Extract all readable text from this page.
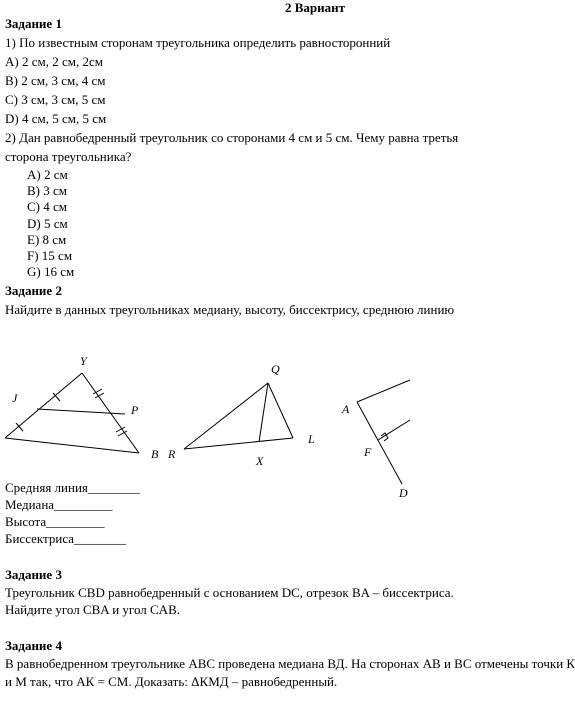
2 Вариант
Задание 1
1) По известным сторонам треугольника определить равносторонний
А) 2 см, 2 см, 2см
В) 2 см, 3 см, 4 см
С) 3 см, 3 см, 5 см
D) 4 см, 5 см, 5 см
2) Дан равнобедренный треугольник со сторонами 4 см и 5 см. Чему равна третья
сторона треугольника?
A) 2 см
B) 3 см
C) 4 см
D) 5 см
E) 8 см
F) 15 см
G) 16 см
Задание 2
Найдите в данных треугольниках медиану, высоту, биссектрису, среднюю линию
Y
J
P
B
Q
R
L
X
A
F
D
Средняя линия________
Медиана_________
Высота_________
Биссектриса________
Задание 3
Треугольник CBD равнобедренный с основанием DC, отрезок BA – биссектриса.
Найдите угол CBA и угол CAB.
Задание 4
В равнобедренном треугольнике ABC проведена медиана ВД. На сторонах АВ и ВС отмечены точки К
и М так, что АК = СМ. Доказать: ΔКМД – равнобедренный.
